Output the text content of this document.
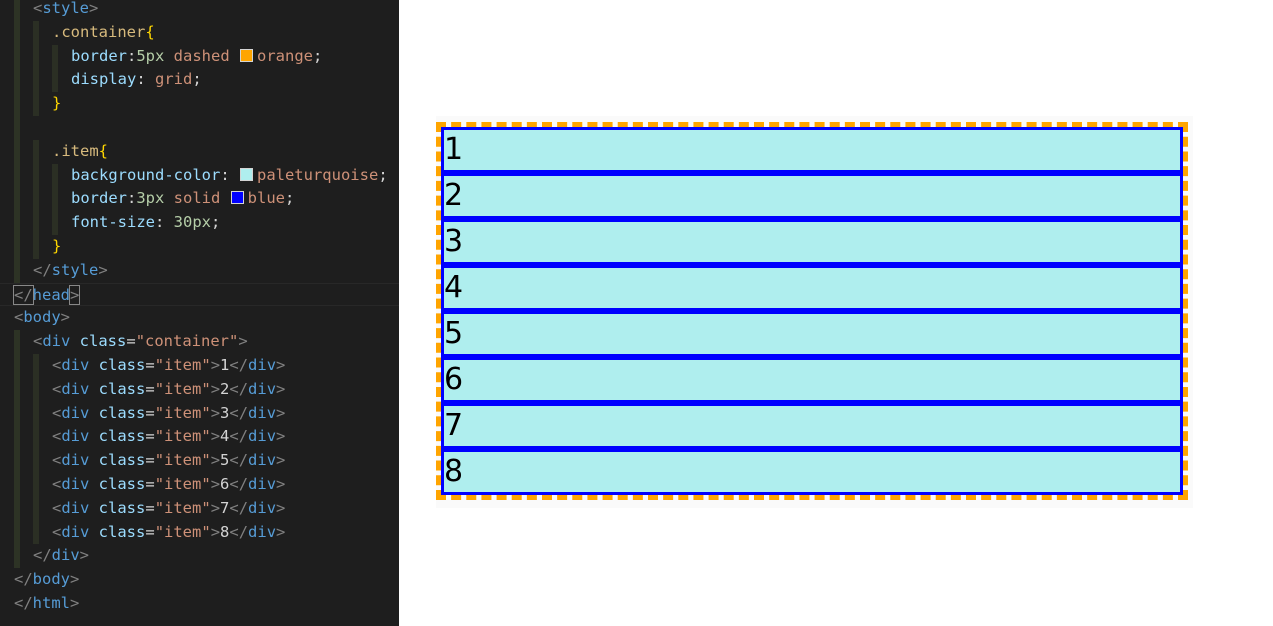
<style>
.container{
border:5px dashed orange;
display: grid;
}
.item{
background-color: paleturquoise;
border:3px solid blue;
font-size: 30px;
}
</style>
</head>
<body>
<div class="container">
<div class="item">1</div>
<div class="item">2</div>
<div class="item">3</div>
<div class="item">4</div>
<div class="item">5</div>
<div class="item">6</div>
<div class="item">7</div>
<div class="item">8</div>
</div>
</body>
</html>
1
2
3
4
5
6
7
8
